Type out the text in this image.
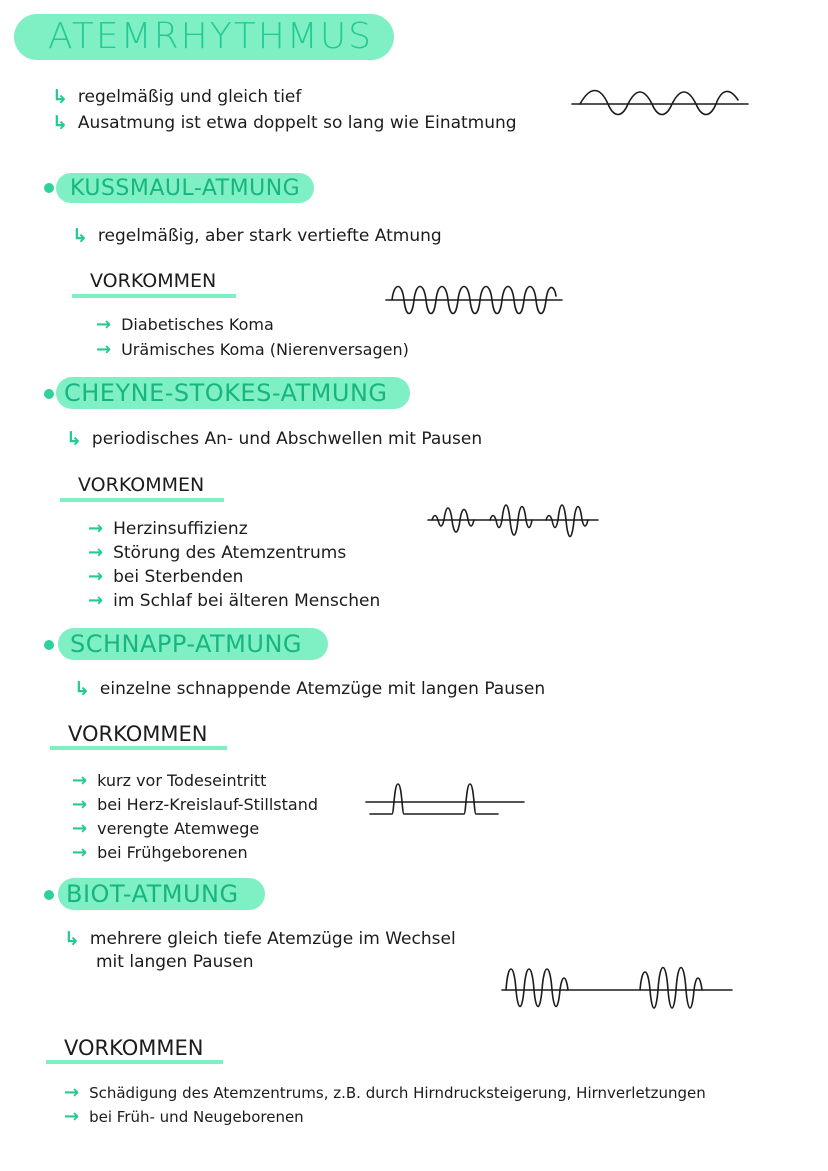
ATEMRHYTHMUS
↳ regelmäßig und gleich tief
↳ Ausatmung ist etwa doppelt so lang wie Einatmung
KUSSMAUL-ATMUNG
↳ regelmäßig, aber stark vertiefte Atmung
VORKOMMEN
→ Diabetisches Koma
→ Urämisches Koma (Nierenversagen)
CHEYNE-STOKES-ATMUNG
↳ periodisches An- und Abschwellen mit Pausen
VORKOMMEN
→ Herzinsuffizienz
→ Störung des Atemzentrums
→ bei Sterbenden
→ im Schlaf bei älteren Menschen
SCHNAPP-ATMUNG
↳ einzelne schnappende Atemzüge mit langen Pausen
VORKOMMEN
→ kurz vor Todeseintritt
→ bei Herz-Kreislauf-Stillstand
→ verengte Atemwege
→ bei Frühgeborenen
BIOT-ATMUNG
↳ mehrere gleich tiefe Atemzüge im Wechsel
mit langen Pausen
VORKOMMEN
→ Schädigung des Atemzentrums, z.B. durch Hirndrucksteigerung, Hirnverletzungen
→ bei Früh- und Neugeborenen
